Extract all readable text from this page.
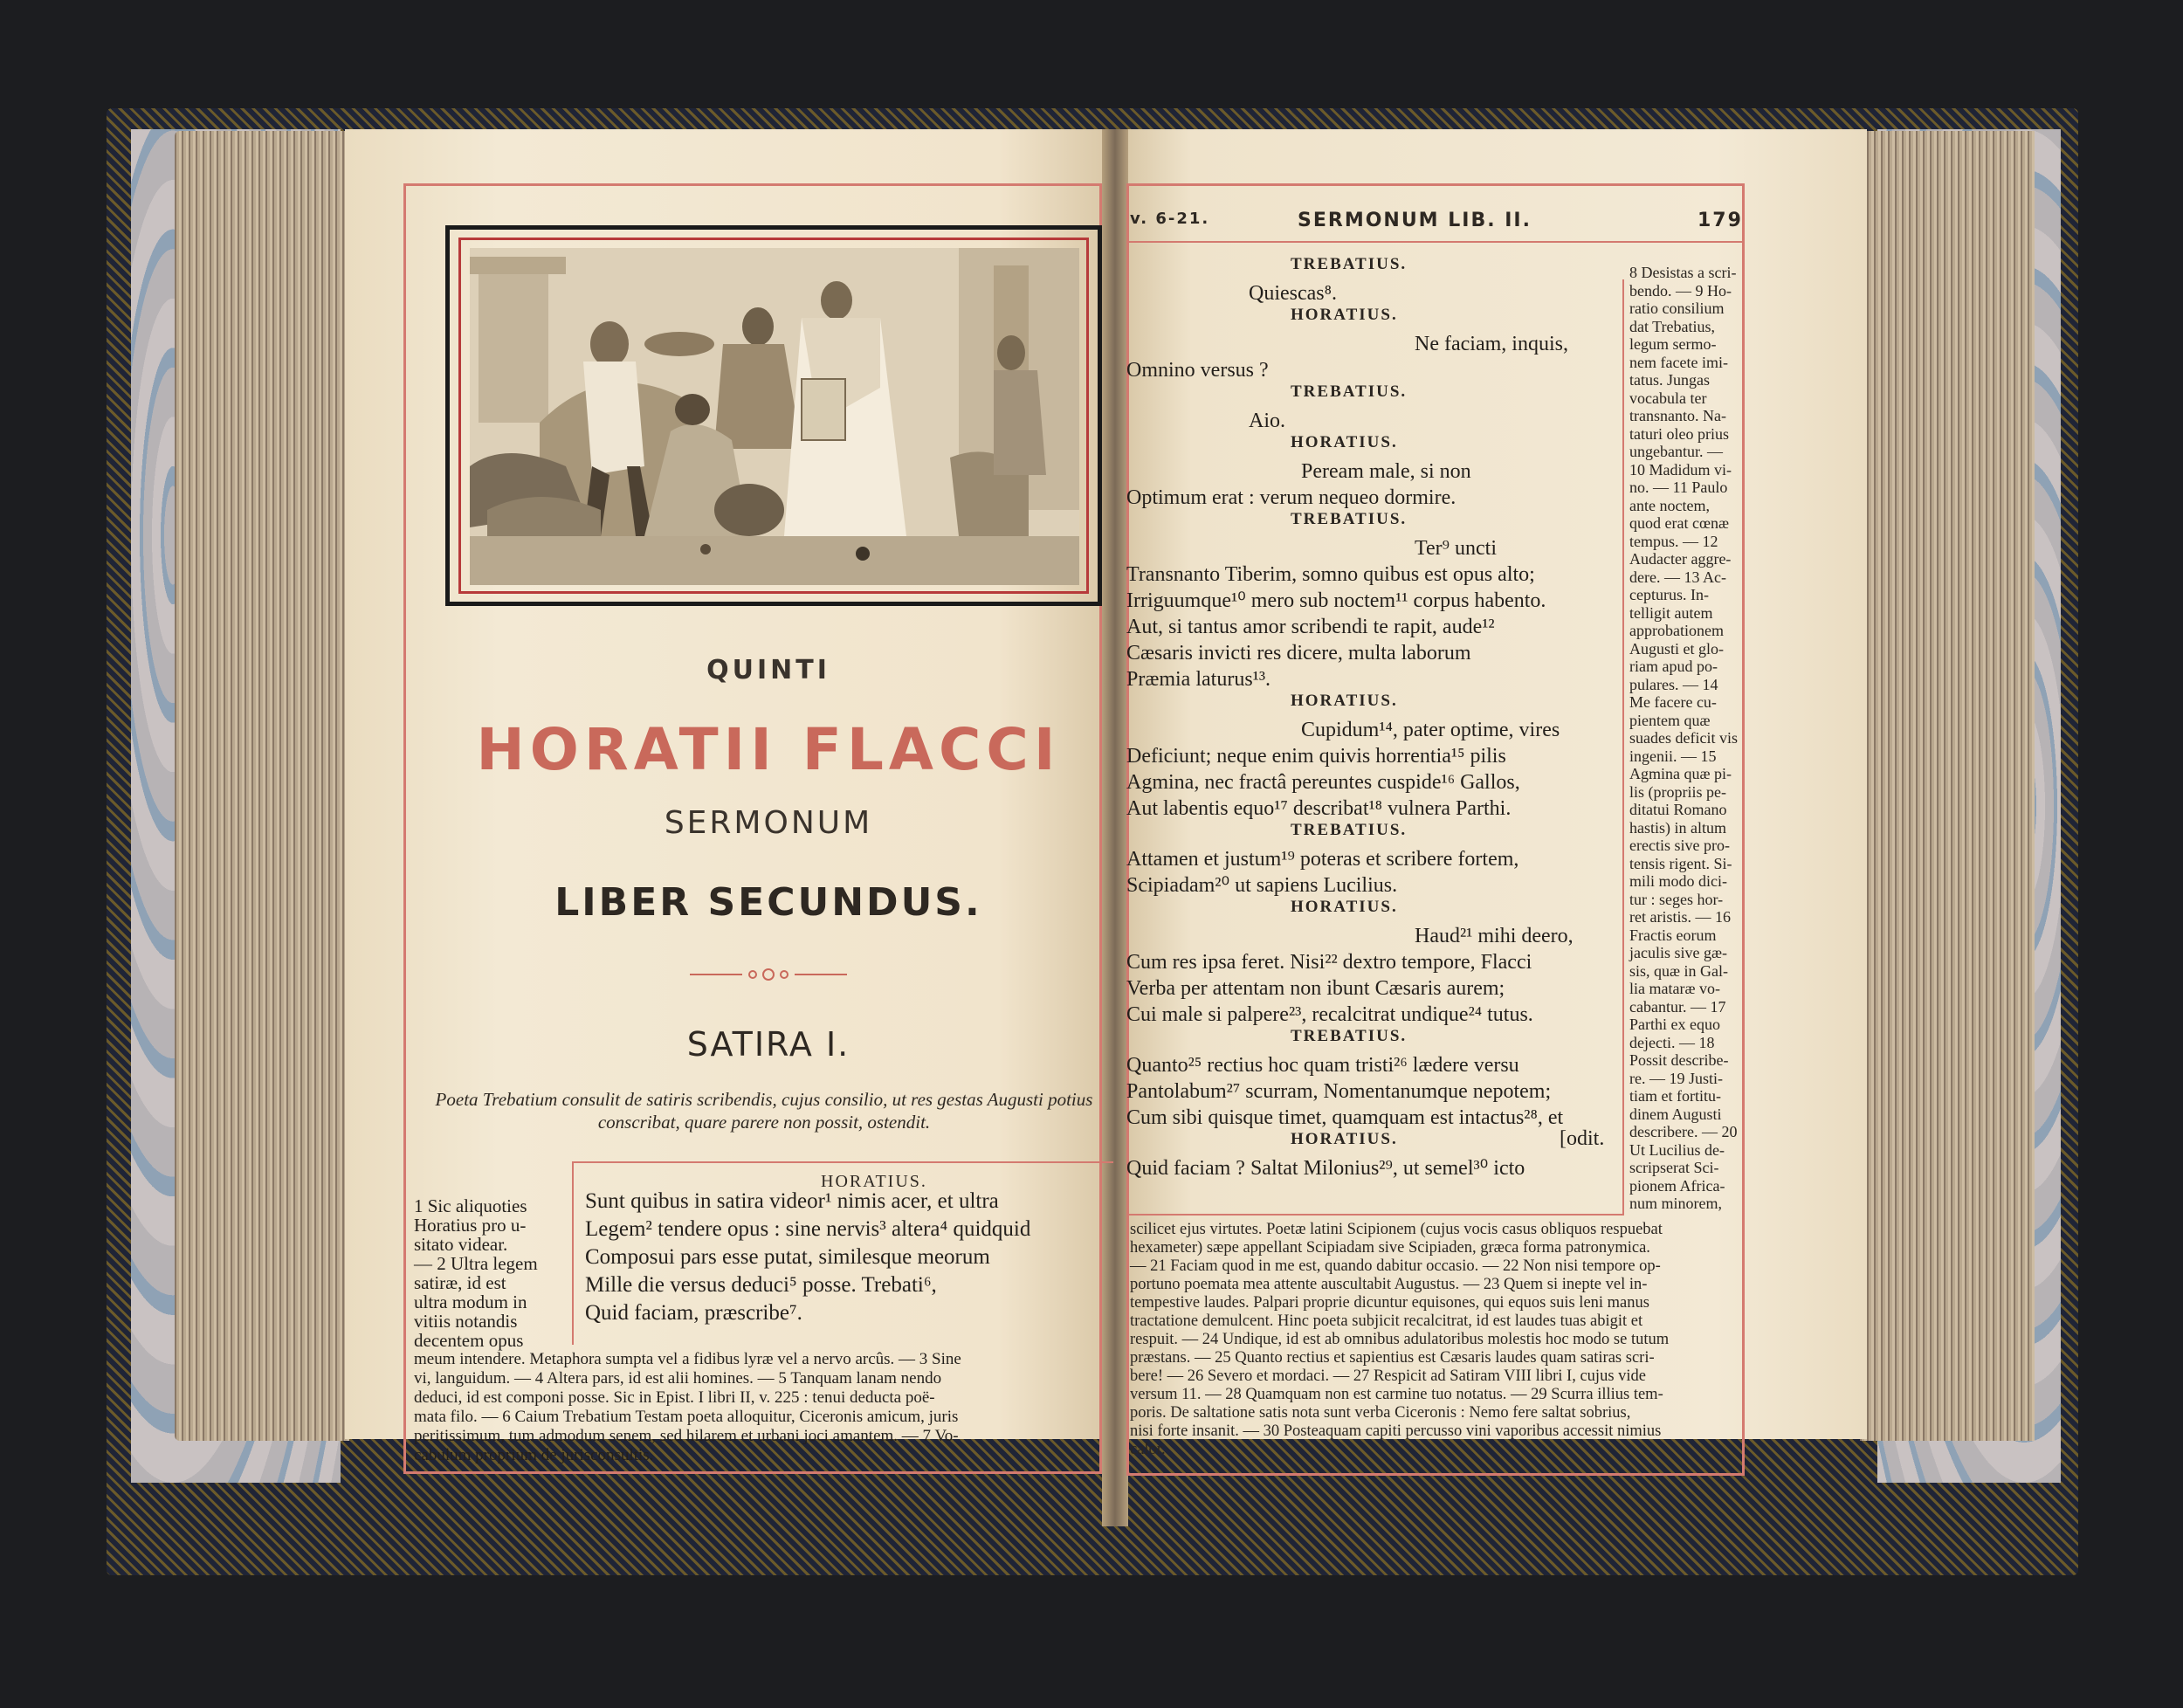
QUINTI
HORATII FLACCI
SERMONUM
LIBER SECUNDUS.
SATIRA I.
Poeta Trebatium consulit de satiris scribendis, cujus consilio, ut res gestas Augusti potius conscribat, quare parere non possit, ostendit.
HORATIUS.
Sunt quibus in satira videor¹ nimis acer, et ultra
Legem² tendere opus : sine nervis³ altera⁴ quidquid
Composui pars esse putat, similesque meorum
Mille die versus deduci⁵ posse. Trebati⁶,
Quid faciam, præscribe⁷.
1 Sic aliquoties
Horatius pro u-
sitato videar.
— 2 Ultra legem
satiræ, id est
ultra modum in
vitiis notandis
decentem opus
meum intendere. Metaphora sumpta vel a fidibus lyræ vel a nervo arcûs. — 3 Sine
vi, languidum. — 4 Altera pars, id est alii homines. — 5 Tanquam lanam nendo
deduci, id est componi posse. Sic in Epist. I libri II, v. 225 : tenui deducta poë-
mata filo. — 6 Caium Trebatium Testam poeta alloquitur, Ciceronis amicum, juris
peritissimum, tum admodum senem, sed hilarem et urbani joci amantem. — 7 Vo-
cabulum proprium de jurisconsultis.
v. 6-21.	SERMONUM LIB. II.	179
TREBATIUS.
Quiescas⁸.
HORATIUS.
Ne faciam, inquis,
Omnino versus ?
TREBATIUS.
Aio.
HORATIUS.
Peream male, si non
Optimum erat : verum nequeo dormire.
TREBATIUS.
Ter⁹ uncti
Transnanto Tiberim, somno quibus est opus alto;
Irriguumque¹⁰ mero sub noctem¹¹ corpus habento.
Aut, si tantus amor scribendi te rapit, aude¹²
Cæsaris invicti res dicere, multa laborum
Præmia laturus¹³.
HORATIUS.
Cupidum¹⁴, pater optime, vires
Deficiunt; neque enim quivis horrentia¹⁵ pilis
Agmina, nec fractâ pereuntes cuspide¹⁶ Gallos,
Aut labentis equo¹⁷ describat¹⁸ vulnera Parthi.
TREBATIUS.
Attamen et justum¹⁹ poteras et scribere fortem,
Scipiadam²⁰ ut sapiens Lucilius.
HORATIUS.
Haud²¹ mihi deero,
Cum res ipsa feret. Nisi²² dextro tempore, Flacci
Verba per attentam non ibunt Cæsaris aurem;
Cui male si palpere²³, recalcitrat undique²⁴ tutus.
TREBATIUS.
Quanto²⁵ rectius hoc quam tristi²⁶ lædere versu
Pantolabum²⁷ scurram, Nomentanumque nepotem;
Cum sibi quisque timet, quamquam est intactus²⁸, et
HORATIUS.	[odit.
Quid faciam ? Saltat Milonius²⁹, ut semel³⁰ icto
8 Desistas a scri-
bendo. — 9 Ho-
ratio consilium
dat Trebatius,
legum sermo-
nem facete imi-
tatus. Jungas
vocabula ter
transnanto. Na-
taturi oleo prius
ungebantur. —
10 Madidum vi-
no. — 11 Paulo
ante noctem,
quod erat cœnæ
tempus. — 12
Audacter aggre-
dere. — 13 Ac-
cepturus. In-
telligit autem
approbationem
Augusti et glo-
riam apud po-
pulares. — 14
Me facere cu-
pientem quæ
suades deficit vis
ingenii. — 15
Agmina quæ pi-
lis (propriis pe-
ditatui Romano
hastis) in altum
erectis sive pro-
tensis rigent. Si-
mili modo dici-
tur : seges hor-
ret aristis. — 16
Fractis eorum
jaculis sive gæ-
sis, quæ in Gal-
lia mataræ vo-
cabantur. — 17
Parthi ex equo
dejecti. — 18
Possit describe-
re. — 19 Justi-
tiam et fortitu-
dinem Augusti
describere. — 20
Ut Lucilius de-
scripserat Sci-
pionem Africa-
num minorem,
scilicet ejus virtutes. Poetæ latini Scipionem (cujus vocis casus obliquos respuebat
hexameter) sæpe appellant Scipiadam sive Scipiaden, græca forma patronymica.
— 21 Faciam quod in me est, quando dabitur occasio. — 22 Non nisi tempore op-
portuno poemata mea attente auscultabit Augustus. — 23 Quem si inepte vel in-
tempestive laudes. Palpari proprie dicuntur equisones, qui equos suis leni manus
tractatione demulcent. Hinc poeta subjicit recalcitrat, id est laudes tuas abigit et
respuit. — 24 Undique, id est ab omnibus adulatoribus molestis hoc modo se tutum
præstans. — 25 Quanto rectius et sapientius est Cæsaris laudes quam satiras scri-
bere! — 26 Severo et mordaci. — 27 Respicit ad Satiram VIII libri I, cujus vide
versum 11. — 28 Quamquam non est carmine tuo notatus. — 29 Scurra illius tem-
poris. De saltatione satis nota sunt verba Ciceronis : Nemo fere saltat sobrius,
nisi forte insanit. — 30 Posteaquam capiti percusso vini vaporibus accessit nimius
calor.
